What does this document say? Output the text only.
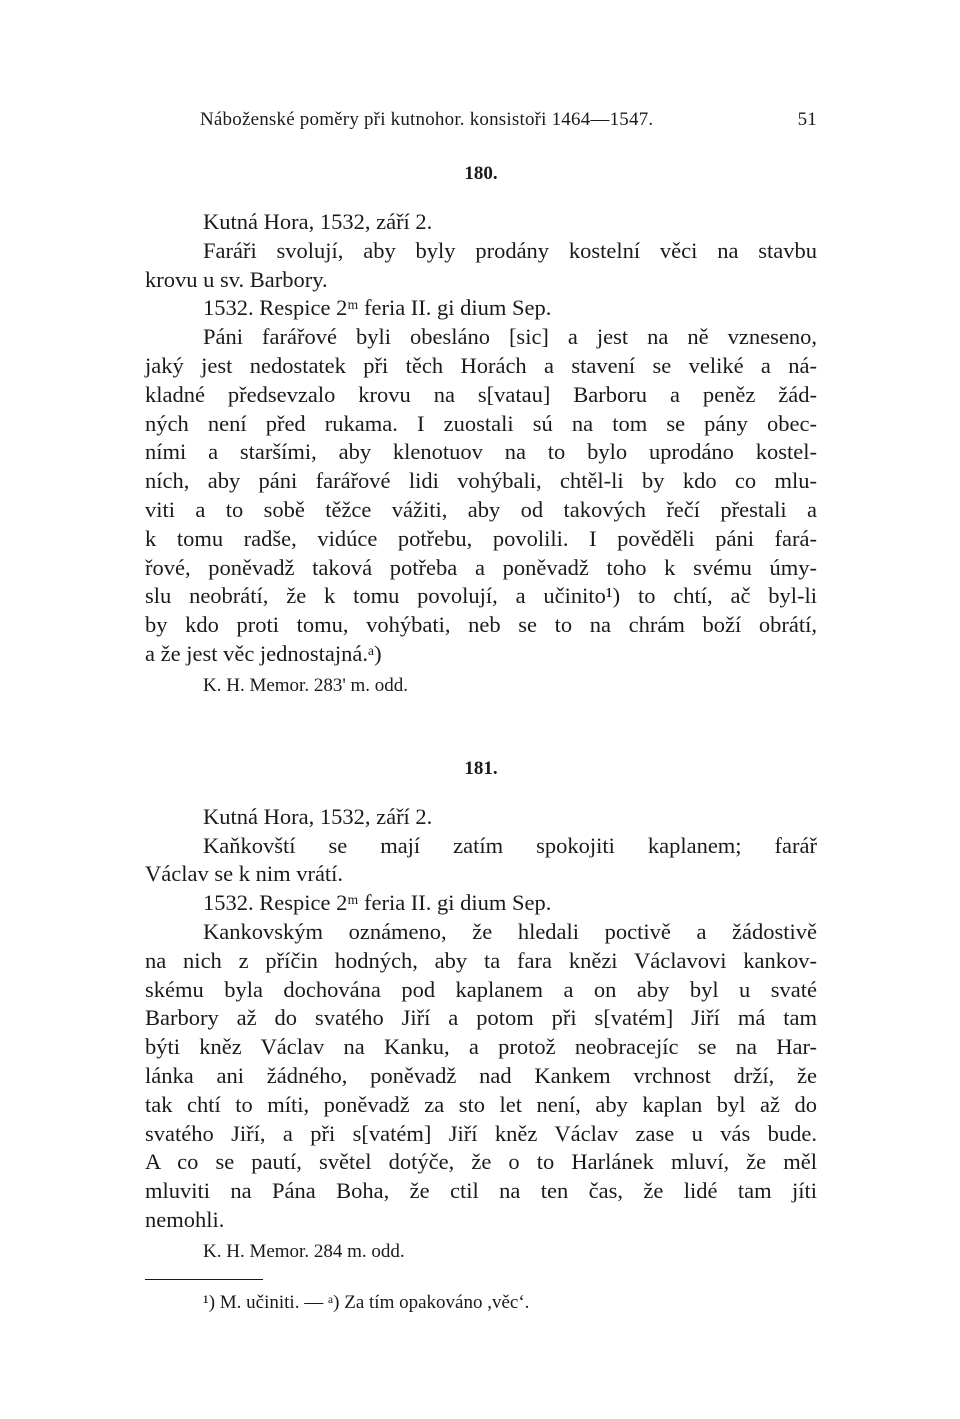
Náboženské poměry při kutnohor. konsistoři 1464—1547.	51
180.
Kutná Hora, 1532, září 2.
Faráři svolují, aby byly prodány kostelní věci na stavbu
krovu u sv. Barbory.
1532. Respice 2ᵐ feria II. gi dium Sep.
Páni farářové byli obesláno [sic] a jest na ně vzneseno,
jaký jest nedostatek při těch Horách a stavení se veliké a ná-
kladné předsevzalo krovu na s[vatau] Barboru a peněz žád-
ných není před rukama. I zuostali sú na tom se pány obec-
ními a staršími, aby klenotuov na to bylo uprodáno kostel-
ních, aby páni farářové lidi vohýbali, chtěl-li by kdo co mlu-
viti a to sobě těžce vážiti, aby od takových řečí přestali a
k tomu radše, vidúce potřebu, povolili. I pověděli páni fará-
řové, poněvadž taková potřeba a poněvadž toho k svému úmy-
slu neobrátí, že k tomu povolují, a učinito¹) to chtí, ač byl-li
by kdo proti tomu, vohýbati, neb se to na chrám boží obrátí,
a že jest věc jednostajná.ᵃ)
K. H. Memor. 283' m. odd.
181.
Kutná Hora, 1532, září 2.
Kaňkovští se mají zatím spokojiti kaplanem; farář
Václav se k nim vrátí.
1532. Respice 2ᵐ feria II. gi dium Sep.
Kankovským oznámeno, že hledali poctivě a žádostivě
na nich z příčin hodných, aby ta fara knězi Václavovi kankov-
skému byla dochována pod kaplanem a on aby byl u svaté
Barbory až do svatého Jiří a potom při s[vatém] Jiří má tam
býti kněz Václav na Kanku, a protož neobracejíc se na Har-
lánka ani žádného, poněvadž nad Kankem vrchnost drží, že
tak chtí to míti, poněvadž za sto let není, aby kaplan byl až do
svatého Jiří, a při s[vatém] Jiří kněz Václav zase u vás bude.
A co se pautí, světel dotýče, že o to Harlánek mluví, že měl
mluviti na Pána Boha, že ctil na ten čas, že lidé tam jíti
nemohli.
K. H. Memor. 284 m. odd.
¹) M. učiniti. — ᵃ) Za tím opakováno ,věc‘.
